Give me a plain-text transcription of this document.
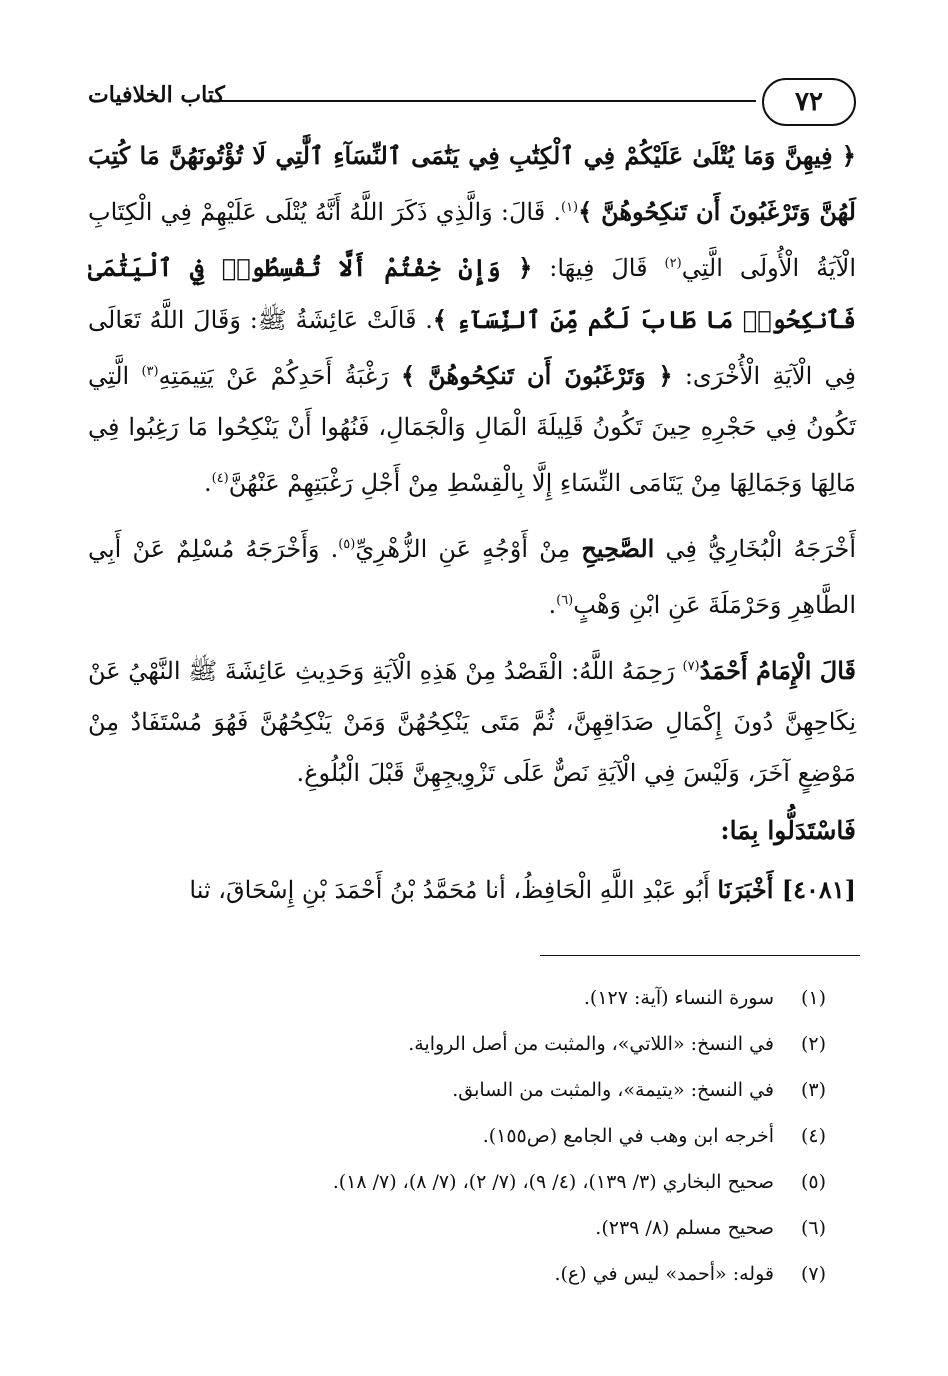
٧٢
كتاب الخلافيات

﴿ فِيهِنَّ وَمَا يُتْلَىٰ عَلَيْكُمْ فِي ٱلْكِتَٰبِ فِي يَتَٰمَى ٱلنِّسَآءِ ٱلَّٰتِي لَا تُؤْتُونَهُنَّ مَا كُتِبَ لَهُنَّ وَتَرْغَبُونَ أَن تَنكِحُوهُنَّ ﴾$^{(١)}$. قَالَ: وَالَّذِي ذَكَرَ اللَّهُ أَنَّهُ يُتْلَى عَلَيْهِمْ فِي الْكِتَابِ الْآيَةُ الْأُولَى الَّتِي$^{(٢)}$ قَالَ فِيهَا: ﴿ وَإِنْ خِفْتُمْ أَلَّا تُقْسِطُوا۟ فِي ٱلْيَتَٰمَىٰ فَٱنكِحُوا۟ مَا طَابَ لَكُم مِّنَ ٱلنِّسَآءِ ﴾. قَالَتْ عَائِشَةُ ﷺ: وَقَالَ اللَّهُ تَعَالَى فِي الْآيَةِ الْأُخْرَى: ﴿ وَتَرْغَبُونَ أَن تَنكِحُوهُنَّ ﴾ رَغْبَةُ أَحَدِكُمْ عَنْ يَتِيمَتِهِ$^{(٣)}$ الَّتِي تَكُونُ فِي حَجْرِهِ حِينَ تَكُونُ قَلِيلَةَ الْمَالِ وَالْجَمَالِ، فَنُهُوا أَنْ يَنْكِحُوا مَا رَغِبُوا فِي مَالِهَا وَجَمَالِهَا مِنْ يَتَامَى النِّسَاءِ إِلَّا بِالْقِسْطِ مِنْ أَجْلِ رَغْبَتِهِمْ عَنْهُنَّ$^{(٤)}$.

أَخْرَجَهُ الْبُخَارِيُّ فِي الصَّحِيحِ مِنْ أَوْجُهٍ عَنِ الزُّهْرِيِّ$^{(٥)}$. وَأَخْرَجَهُ مُسْلِمٌ عَنْ أَبِي الطَّاهِرِ وَحَرْمَلَةَ عَنِ ابْنِ وَهْبٍ$^{(٦)}$.

قَالَ الْإِمَامُ أَحْمَدُ$^{(٧)}$ رَحِمَهُ اللَّهُ: الْقَصْدُ مِنْ هَذِهِ الْآيَةِ وَحَدِيثِ عَائِشَةَ ﷺ النَّهْيُ عَنْ نِكَاحِهِنَّ دُونَ إِكْمَالِ صَدَاقِهِنَّ، ثُمَّ مَتَى يَنْكِحُهُنَّ وَمَنْ يَنْكِحُهُنَّ فَهُوَ مُسْتَفَادٌ مِنْ مَوْضِعٍ آخَرَ، وَلَيْسَ فِي الْآيَةِ نَصٌّ عَلَى تَزْوِيجِهِنَّ قَبْلَ الْبُلُوغِ.

فَاسْتَدَلُّوا بِمَا:

[٤٠٨١] أَخْبَرَنَا أَبُو عَبْدِ اللَّهِ الْحَافِظُ، أنا مُحَمَّدُ بْنُ أَحْمَدَ بْنِ إِسْحَاقَ، ثنا

(١)
سورة النساء (آية: ١٢٧).
(٢)
في النسخ: «اللاتي»، والمثبت من أصل الرواية.
(٣)
في النسخ: «يتيمة»، والمثبت من السابق.
(٤)
أخرجه ابن وهب في الجامع (ص١٥٥).
(٥)
صحيح البخاري (٣/ ١٣٩)، (٤/ ٩)، (٧/ ٢)، (٧/ ٨)، (٧/ ١٨).
(٦)
صحيح مسلم (٨/ ٢٣٩).
(٧)
قوله: «أحمد» ليس في (ع).
